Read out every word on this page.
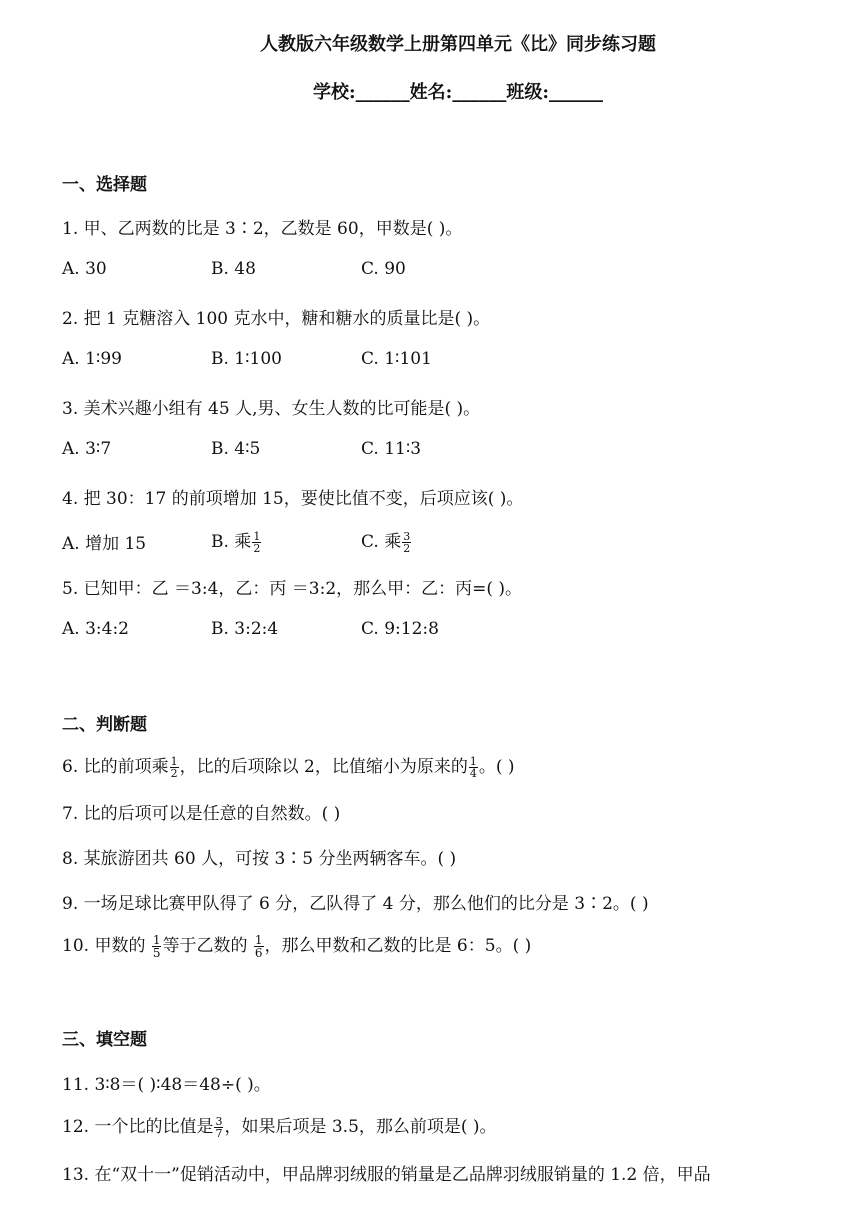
人教版六年级数学上册第四单元《比》同步练习题
学校:______姓名:______班级:______
一、选择题
1. 甲、乙两数的比是 3∶2，乙数是 60，甲数是( )。
A. 30	B. 48	C. 90
2. 把 1 克糖溶入 100 克水中，糖和糖水的质量比是( )。
A. 1∶99	B. 1∶100	C. 1∶101
3. 美术兴趣小组有 45 人,男、女生人数的比可能是( )。
A. 3∶7	B. 4∶5	C. 11∶3
4. 把 30：17 的前项增加 15，要使比值不变，后项应该( )。
A. 增加 15	B. 乘 $\frac{1}{2}$	C. 乘 $\frac{3}{2}$
5. 已知甲：乙 ＝3:4，乙：丙 ＝3:2，那么甲：乙：丙=( )。
A. 3:4:2	B. 3:2:4	C. 9:12:8
二、判断题
6. 比的前项乘 $\frac{1}{2}$ ，比的后项除以 2，比值缩小为原来的 $\frac{1}{4}$ 。( )
7. 比的后项可以是任意的自然数。( )
8. 某旅游团共 60 人，可按 3∶5 分坐两辆客车。( )
9. 一场足球比赛甲队得了 6 分，乙队得了 4 分，那么他们的比分是 3∶2。( )
10. 甲数的 $\frac{1}{5}$ 等于乙数的 $\frac{1}{6}$ ，那么甲数和乙数的比是 6：5。( )
三、填空题
11. 3∶8＝( )∶48＝48÷( )。
12. 一个比的比值是 $\frac{3}{7}$ ，如果后项是 3.5，那么前项是( )。
13. 在“双十一”促销活动中，甲品牌羽绒服的销量是乙品牌羽绒服销量的 1.2 倍，甲品
